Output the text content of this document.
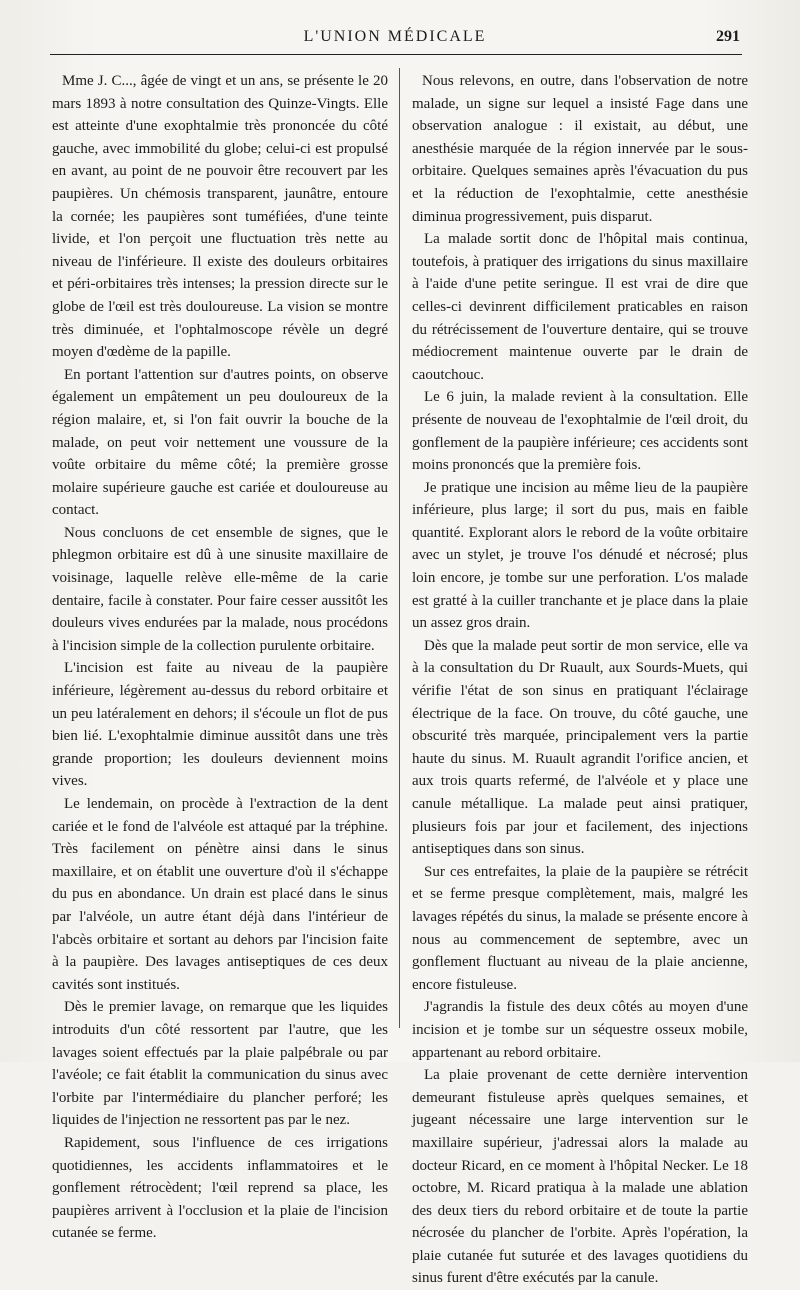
L'UNION MÉDICALE	291

Mme J. C..., âgée de vingt et un ans, se présente le 20 mars 1893 à notre consultation des Quinze-Vingts. Elle est atteinte d'une exophtalmie très prononcée du côté gauche, avec immobilité du globe; celui-ci est propulsé en avant, au point de ne pouvoir être recouvert par les paupières. Un chémosis transparent, jaunâtre, entoure la cornée; les paupières sont tuméfiées, d'une teinte livide, et l'on perçoit une fluctuation très nette au niveau de l'inférieure. Il existe des douleurs orbitaires et péri-orbitaires très intenses; la pression directe sur le globe de l'œil est très douloureuse. La vision se montre très diminuée, et l'ophtalmoscope révèle un degré moyen d'œdème de la papille.

En portant l'attention sur d'autres points, on observe également un empâtement un peu douloureux de la région malaire, et, si l'on fait ouvrir la bouche de la malade, on peut voir nettement une voussure de la voûte orbitaire du même côté; la première grosse molaire supérieure gauche est cariée et douloureuse au contact.

Nous concluons de cet ensemble de signes, que le phlegmon orbitaire est dû à une sinusite maxillaire de voisinage, laquelle relève elle-même de la carie dentaire, facile à constater. Pour faire cesser aussitôt les douleurs vives endurées par la malade, nous procédons à l'incision simple de la collection purulente orbitaire.

L'incision est faite au niveau de la paupière inférieure, légèrement au-dessus du rebord orbitaire et un peu latéralement en dehors; il s'écoule un flot de pus bien lié. L'exophtalmie diminue aussitôt dans une très grande proportion; les douleurs deviennent moins vives.

Le lendemain, on procède à l'extraction de la dent cariée et le fond de l'alvéole est attaqué par la tréphine. Très facilement on pénètre ainsi dans le sinus maxillaire, et on établit une ouverture d'où il s'échappe du pus en abondance. Un drain est placé dans le sinus par l'alvéole, un autre étant déjà dans l'intérieur de l'abcès orbitaire et sortant au dehors par l'incision faite à la paupière. Des lavages antiseptiques de ces deux cavités sont institués.

Dès le premier lavage, on remarque que les liquides introduits d'un côté ressortent par l'autre, que les lavages soient effectués par la plaie palpébrale ou par l'avéole; ce fait établit la communication du sinus avec l'orbite par l'intermédiaire du plancher perforé; les liquides de l'injection ne ressortent pas par le nez.

Rapidement, sous l'influence de ces irrigations quotidiennes, les accidents inflammatoires et le gonflement rétrocèdent; l'œil reprend sa place, les paupières arrivent à l'occlusion et la plaie de l'incision cutanée se ferme.

Nous relevons, en outre, dans l'observation de notre malade, un signe sur lequel a insisté Fage dans une observation analogue : il existait, au début, une anesthésie marquée de la région innervée par le sous-orbitaire. Quelques semaines après l'évacuation du pus et la réduction de l'exophtalmie, cette anesthésie diminua progressivement, puis disparut.

La malade sortit donc de l'hôpital mais continua, toutefois, à pratiquer des irrigations du sinus maxillaire à l'aide d'une petite seringue. Il est vrai de dire que celles-ci devinrent difficilement praticables en raison du rétrécissement de l'ouverture dentaire, qui se trouve médiocrement maintenue ouverte par le drain de caoutchouc.

Le 6 juin, la malade revient à la consultation. Elle présente de nouveau de l'exophtalmie de l'œil droit, du gonflement de la paupière inférieure; ces accidents sont moins prononcés que la première fois.

Je pratique une incision au même lieu de la paupière inférieure, plus large; il sort du pus, mais en faible quantité. Explorant alors le rebord de la voûte orbitaire avec un stylet, je trouve l'os dénudé et nécrosé; plus loin encore, je tombe sur une perforation. L'os malade est gratté à la cuiller tranchante et je place dans la plaie un assez gros drain.

Dès que la malade peut sortir de mon service, elle va à la consultation du Dr Ruault, aux Sourds-Muets, qui vérifie l'état de son sinus en pratiquant l'éclairage électrique de la face. On trouve, du côté gauche, une obscurité très marquée, principalement vers la partie haute du sinus. M. Ruault agrandit l'orifice ancien, et aux trois quarts refermé, de l'alvéole et y place une canule métallique. La malade peut ainsi pratiquer, plusieurs fois par jour et facilement, des injections antiseptiques dans son sinus.

Sur ces entrefaites, la plaie de la paupière se rétrécit et se ferme presque complètement, mais, malgré les lavages répétés du sinus, la malade se présente encore à nous au commencement de septembre, avec un gonflement fluctuant au niveau de la plaie ancienne, encore fistuleuse.

J'agrandis la fistule des deux côtés au moyen d'une incision et je tombe sur un séquestre osseux mobile, appartenant au rebord orbitaire.

La plaie provenant de cette dernière intervention demeurant fistuleuse après quelques semaines, et jugeant nécessaire une large intervention sur le maxillaire supérieur, j'adressai alors la malade au docteur Ricard, en ce moment à l'hôpital Necker. Le 18 octobre, M. Ricard pratiqua à la malade une ablation des deux tiers du rebord orbitaire et de toute la partie nécrosée du plancher de l'orbite. Après l'opération, la plaie cutanée fut suturée et des lavages quotidiens du sinus furent d'être exécutés par la canule.
